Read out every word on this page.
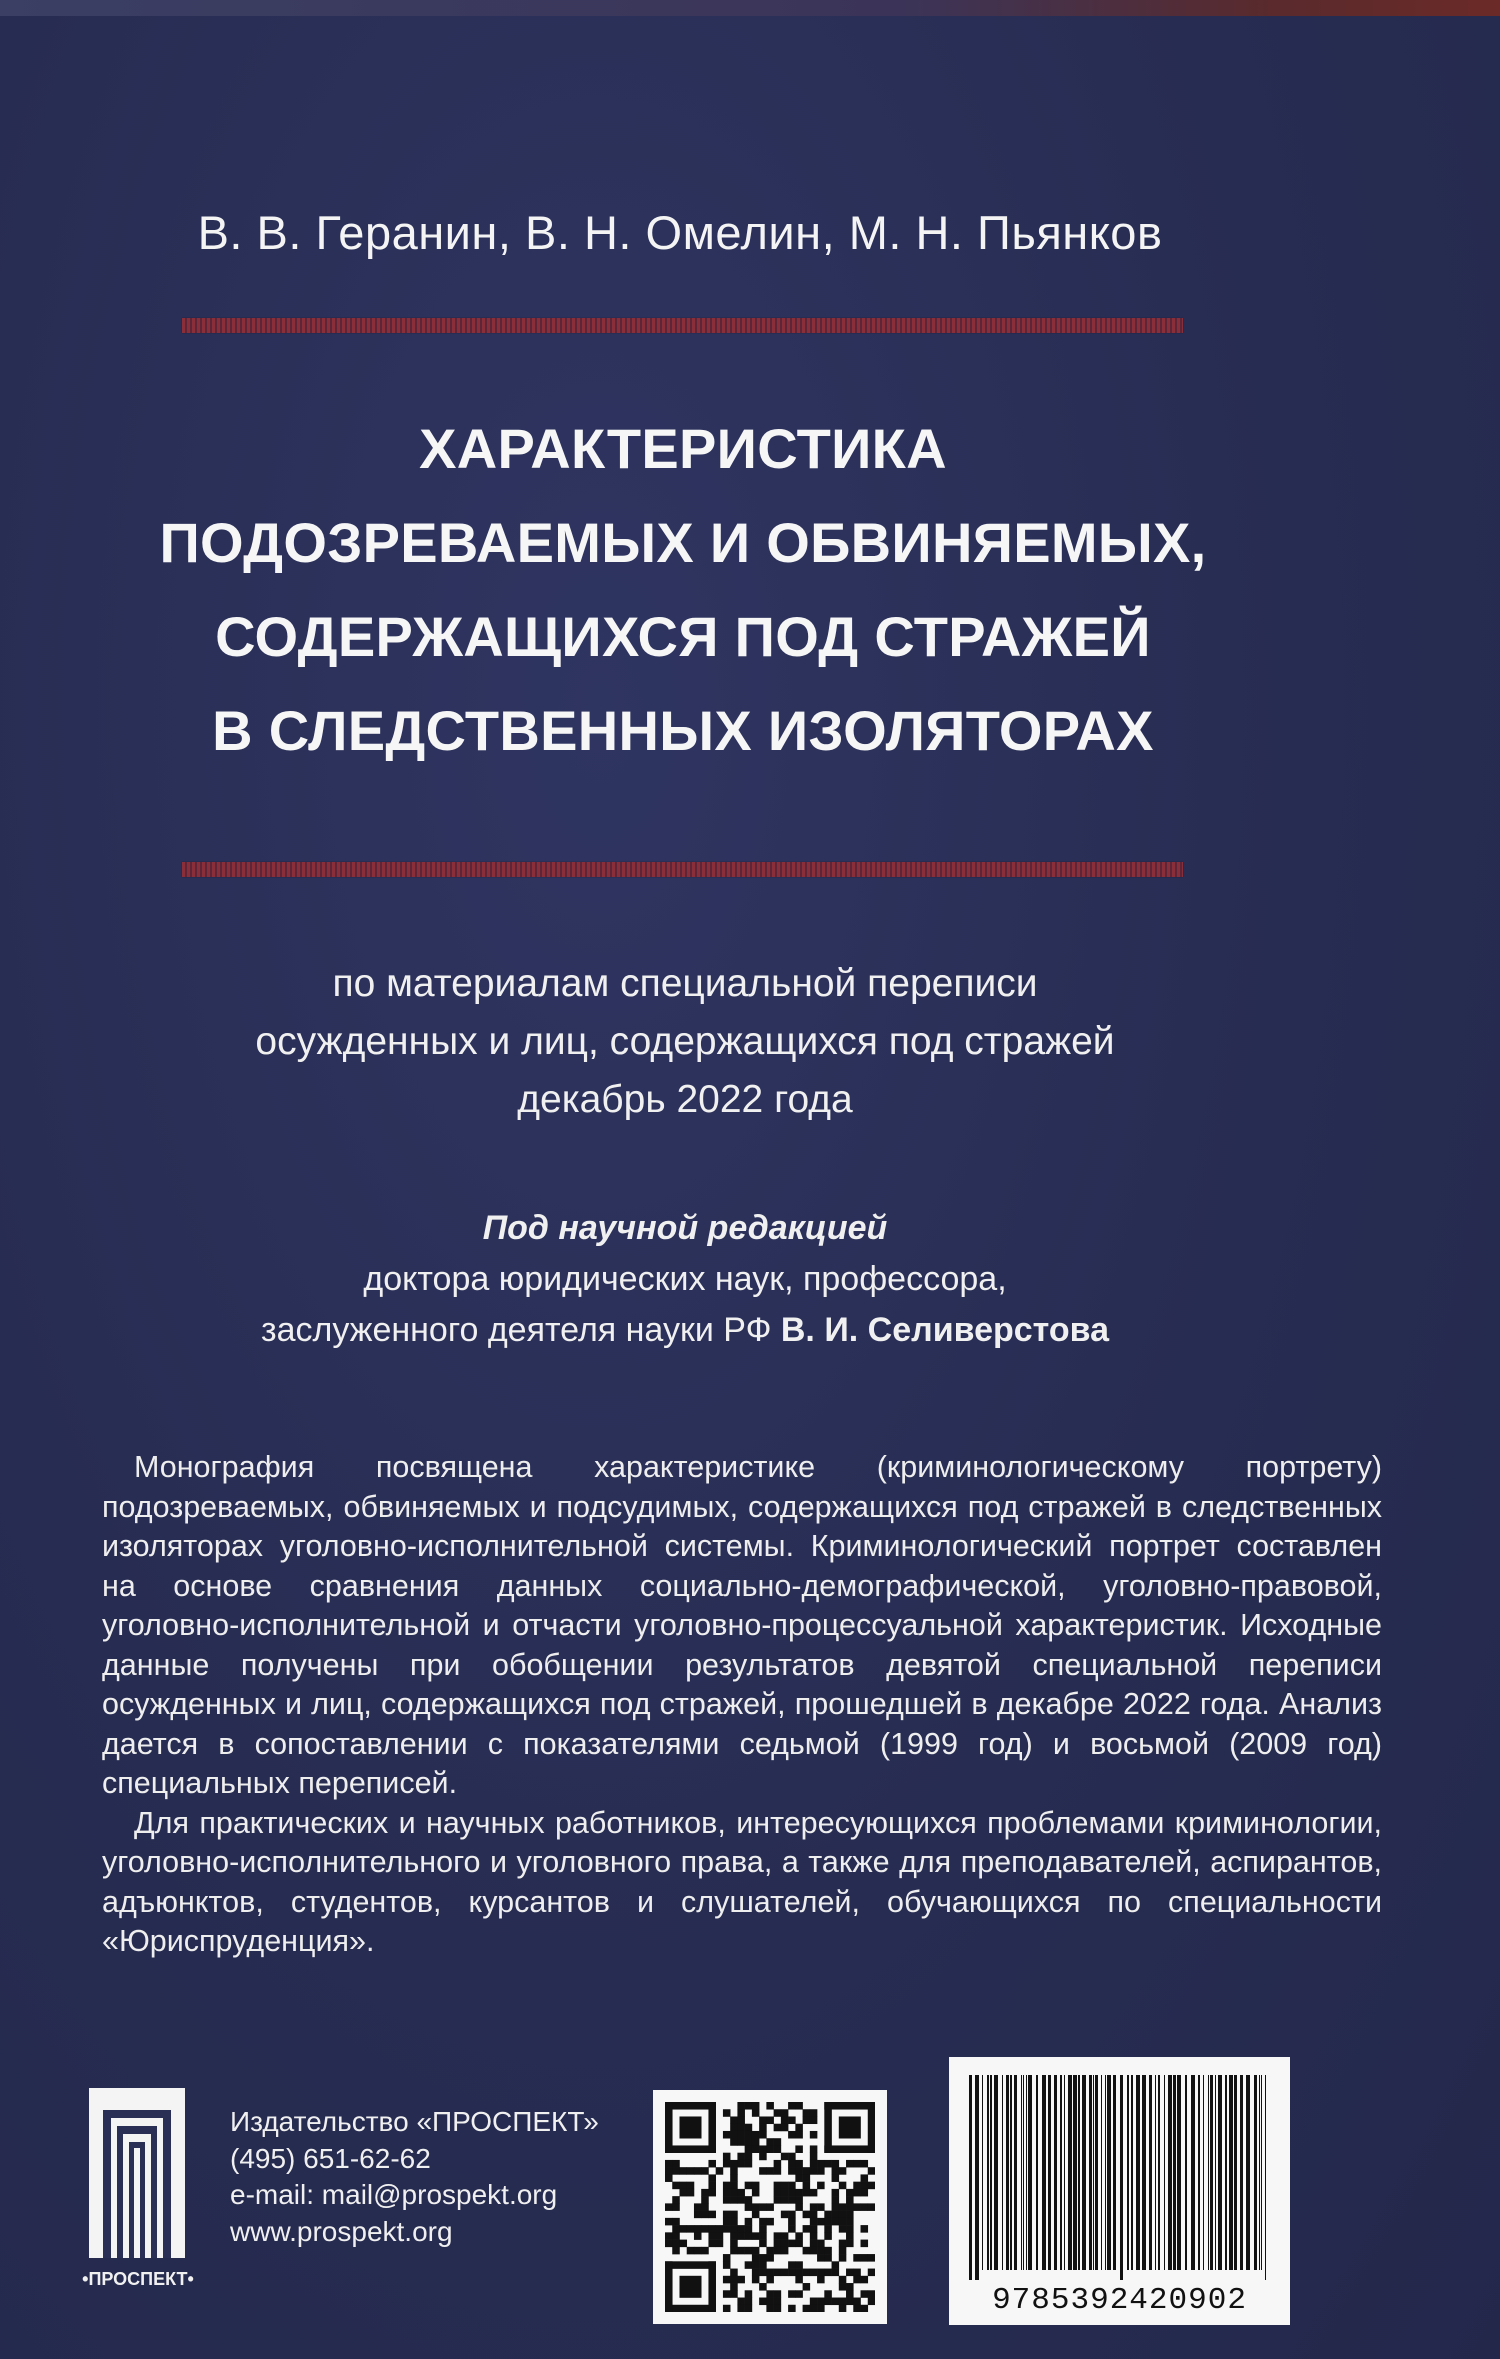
В. В. Геранин, В. Н. Омелин, М. Н. Пьянков
ХАРАКТЕРИСТИКА
ПОДОЗРЕВАЕМЫХ И ОБВИНЯЕМЫХ,
СОДЕРЖАЩИХСЯ ПОД СТРАЖЕЙ
В СЛЕДСТВЕННЫХ ИЗОЛЯТОРАХ
по материалам специальной переписи
осужденных и лиц, содержащихся под стражей
декабрь 2022 года
Под научной редакцией
доктора юридических наук, профессора,
заслуженного деятеля науки РФ В. И. Селиверстова

Монография посвящена характеристике (криминологическому портрету) подозреваемых, обвиняемых и подсудимых, содержащихся под стражей в следственных изоляторах уголовно-исполнительной системы. Криминологический портрет составлен на основе сравнения данных социально-демографической, уголовно-правовой, уголовно-исполнительной и отчасти уголовно-процессуальной характеристик. Исходные данные получены при обобщении результатов девятой специальной переписи осужденных и лиц, содержащихся под стражей, прошедшей в декабре 2022 года. Анализ дается в сопоставлении с показателями седьмой (1999 год) и восьмой (2009 год) специальных переписей.

Для практических и научных работников, интересующихся проблемами криминологии, уголовно-исполнительного и уголовного права, а также для преподавателей, аспирантов, адъюнктов, студентов, курсантов и слушателей, обучающихся по специальности «Юриспруденция».

•ПРОСПЕКТ•
Издательство «ПРОСПЕКТ»
(495) 651-62-62
e-mail: mail@prospekt.org
www.prospekt.org
9785392420902
